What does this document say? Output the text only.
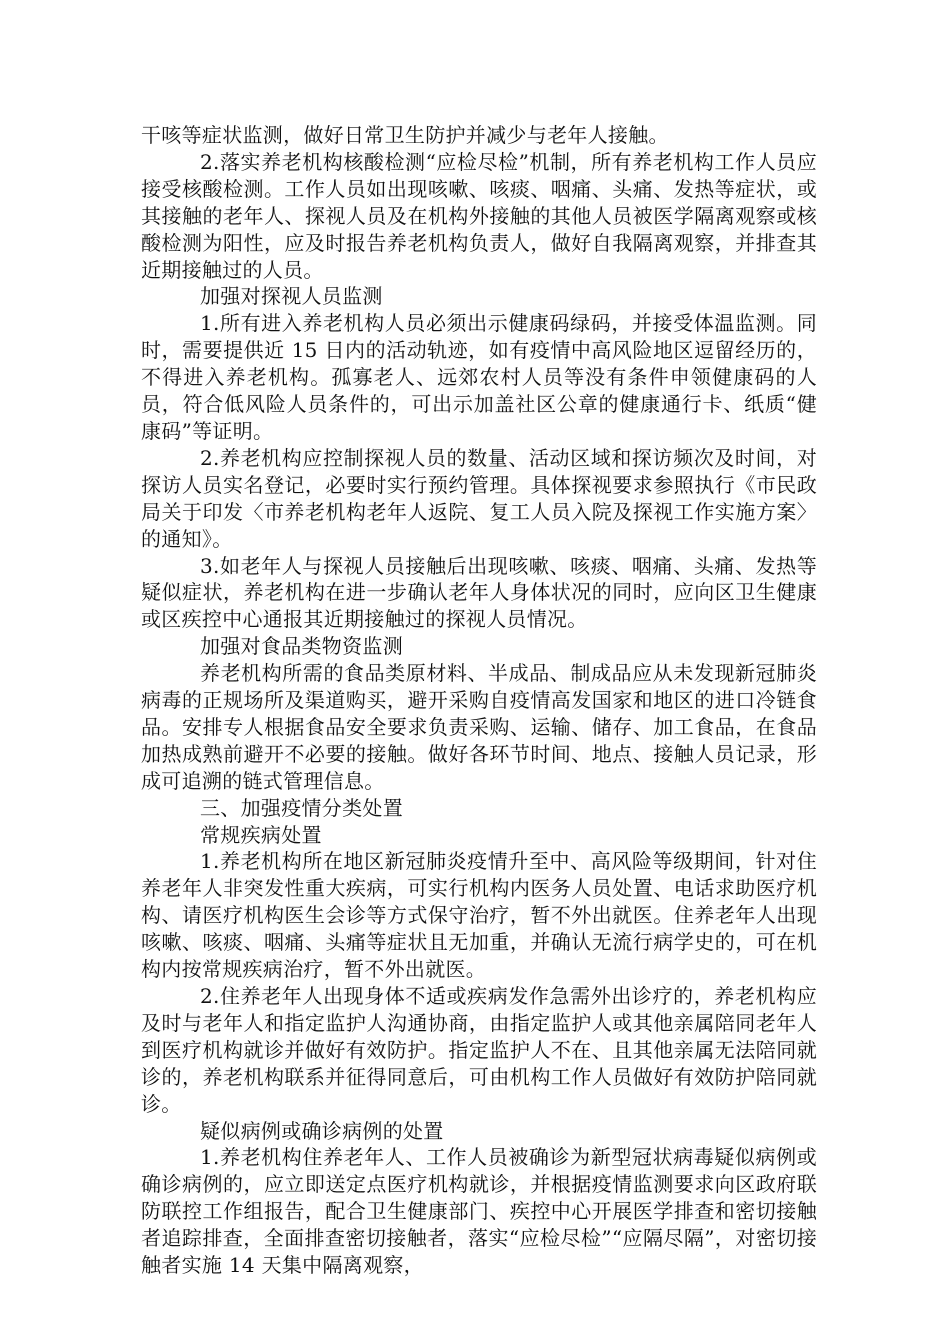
干咳等症状监测，做好日常卫生防护并减少与老年人接触。

2.落实养老机构核酸检测“应检尽检”机制，所有养老机构工作人员应接受核酸检测。工作人员如出现咳嗽、咳痰、咽痛、头痛、发热等症状，或其接触的老年人、探视人员及在机构外接触的其他人员被医学隔离观察或核酸检测为阳性，应及时报告养老机构负责人，做好自我隔离观察，并排查其近期接触过的人员。

加强对探视人员监测

1.所有进入养老机构人员必须出示健康码绿码，并接受体温监测。同时，需要提供近 15 日内的活动轨迹，如有疫情中高风险地区逗留经历的，不得进入养老机构。孤寡老人、远郊农村人员等没有条件申领健康码的人员，符合低风险人员条件的，可出示加盖社区公章的健康通行卡、纸质“健康码”等证明。

2.养老机构应控制探视人员的数量、活动区域和探访频次及时间，对探访人员实名登记，必要时实行预约管理。具体探视要求参照执行《市民政局关于印发〈市养老机构老年人返院、复工人员入院及探视工作实施方案〉的通知》。

3.如老年人与探视人员接触后出现咳嗽、咳痰、咽痛、头痛、发热等疑似症状，养老机构在进一步确认老年人身体状况的同时，应向区卫生健康或区疾控中心通报其近期接触过的探视人员情况。

加强对食品类物资监测

养老机构所需的食品类原材料、半成品、制成品应从未发现新冠肺炎病毒的正规场所及渠道购买，避开采购自疫情高发国家和地区的进口冷链食品。安排专人根据食品安全要求负责采购、运输、储存、加工食品，在食品加热成熟前避开不必要的接触。做好各环节时间、地点、接触人员记录，形成可追溯的链式管理信息。

三、加强疫情分类处置

常规疾病处置

1.养老机构所在地区新冠肺炎疫情升至中、高风险等级期间，针对住养老年人非突发性重大疾病，可实行机构内医务人员处置、电话求助医疗机构、请医疗机构医生会诊等方式保守治疗，暂不外出就医。住养老年人出现咳嗽、咳痰、咽痛、头痛等症状且无加重，并确认无流行病学史的，可在机构内按常规疾病治疗，暂不外出就医。

2.住养老年人出现身体不适或疾病发作急需外出诊疗的，养老机构应及时与老年人和指定监护人沟通协商，由指定监护人或其他亲属陪同老年人到医疗机构就诊并做好有效防护。指定监护人不在、且其他亲属无法陪同就诊的，养老机构联系并征得同意后，可由机构工作人员做好有效防护陪同就诊。

疑似病例或确诊病例的处置

1.养老机构住养老年人、工作人员被确诊为新型冠状病毒疑似病例或确诊病例的，应立即送定点医疗机构就诊，并根据疫情监测要求向区政府联防联控工作组报告，配合卫生健康部门、疾控中心开展医学排查和密切接触者追踪排查，全面排查密切接触者，落实“应检尽检”“应隔尽隔”，对密切接触者实施 14 天集中隔离观察，
